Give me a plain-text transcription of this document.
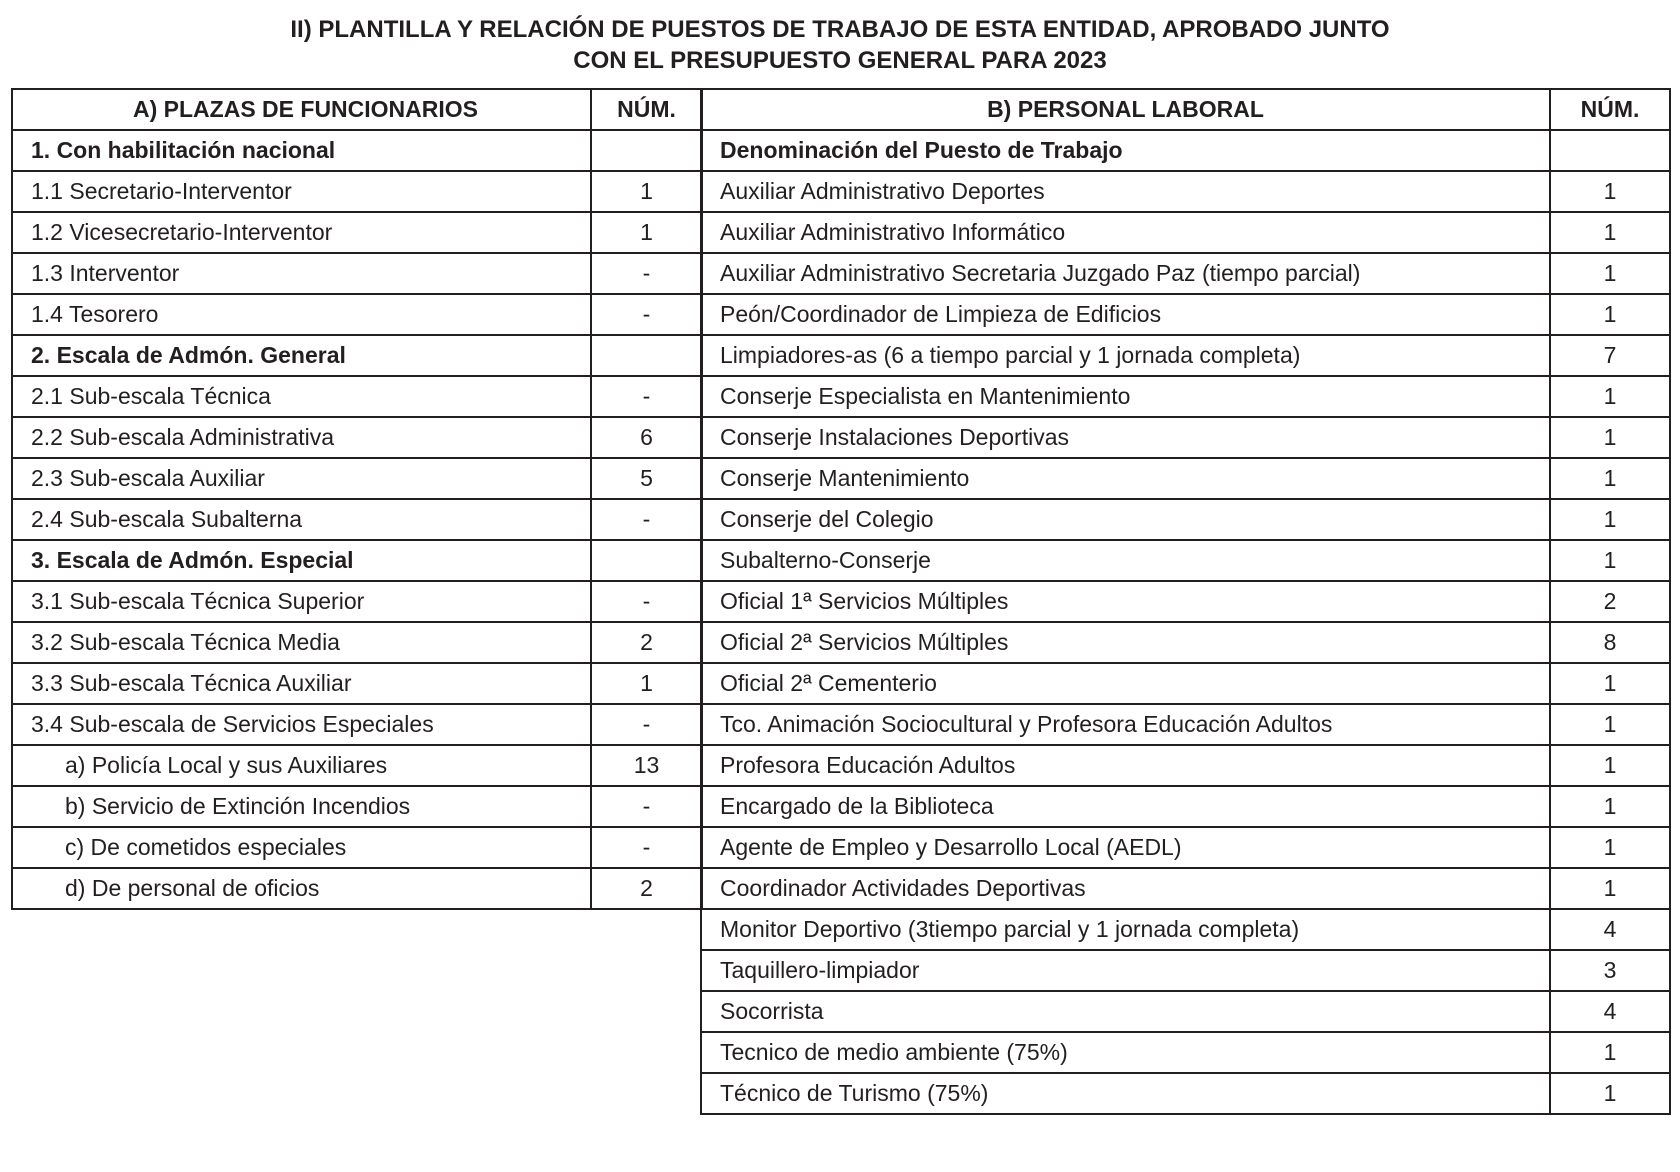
II) PLANTILLA Y RELACIÓN DE PUESTOS DE TRABAJO DE ESTA ENTIDAD, APROBADO JUNTO
CON EL PRESUPUESTO GENERAL PARA 2023
A) PLAZAS DE FUNCIONARIOS	NÚM.
1. Con habilitación nacional	
1.1 Secretario-Interventor	1
1.2 Vicesecretario-Interventor	1
1.3 Interventor	-
1.4 Tesorero	-
2. Escala de Admón. General	
2.1 Sub-escala Técnica	-
2.2 Sub-escala Administrativa	6
2.3 Sub-escala Auxiliar	5
2.4 Sub-escala Subalterna	-
3. Escala de Admón. Especial	
3.1 Sub-escala Técnica Superior	-
3.2 Sub-escala Técnica Media	2
3.3 Sub-escala Técnica Auxiliar	1
3.4 Sub-escala de Servicios Especiales	-
a) Policía Local y sus Auxiliares	13
b) Servicio de Extinción Incendios	-
c) De cometidos especiales	-
d) De personal de oficios	2
B) PERSONAL LABORAL	NÚM.
Denominación del Puesto de Trabajo	
Auxiliar Administrativo Deportes	1
Auxiliar Administrativo Informático	1
Auxiliar Administrativo Secretaria Juzgado Paz (tiempo parcial)	1
Peón/Coordinador de Limpieza de Edificios	1
Limpiadores-as (6 a tiempo parcial y 1 jornada completa)	7
Conserje Especialista en Mantenimiento	1
Conserje Instalaciones Deportivas	1
Conserje Mantenimiento	1
Conserje del Colegio	1
Subalterno-Conserje	1
Oficial 1ª Servicios Múltiples	2
Oficial 2ª Servicios Múltiples	8
Oficial 2ª Cementerio	1
Tco. Animación Sociocultural y Profesora Educación Adultos	1
Profesora Educación Adultos	1
Encargado de la Biblioteca	1
Agente de Empleo y Desarrollo Local (AEDL)	1
Coordinador Actividades Deportivas	1
Monitor Deportivo (3tiempo parcial y 1 jornada completa)	4
Taquillero-limpiador	3
Socorrista	4
Tecnico de medio ambiente (75%)	1
Técnico de Turismo (75%)	1
